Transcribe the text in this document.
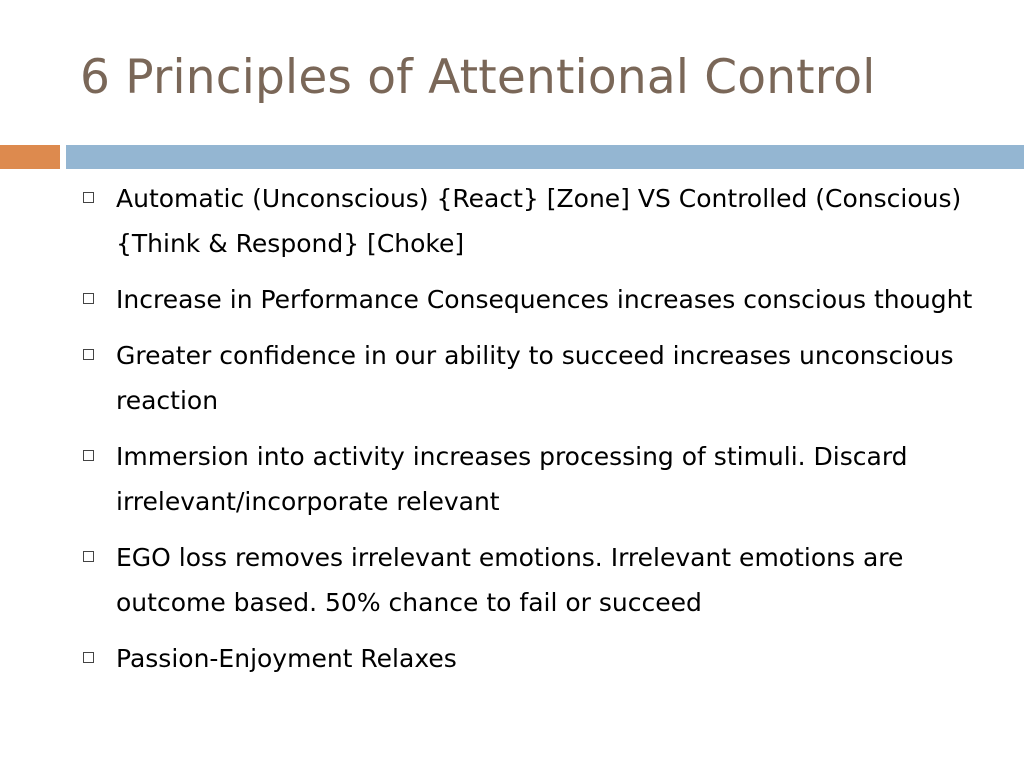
6 Principles of Attentional Control
Automatic (Unconscious) {React} [Zone] VS Controlled (Conscious) {Think & Respond} [Choke]
Increase in Performance Consequences increases conscious thought
Greater confidence in our ability to succeed increases unconscious reaction
Immersion into activity increases processing of stimuli. Discard irrelevant/incorporate relevant
EGO loss removes irrelevant emotions. Irrelevant emotions are outcome based. 50% chance to fail or succeed
Passion-Enjoyment Relaxes
